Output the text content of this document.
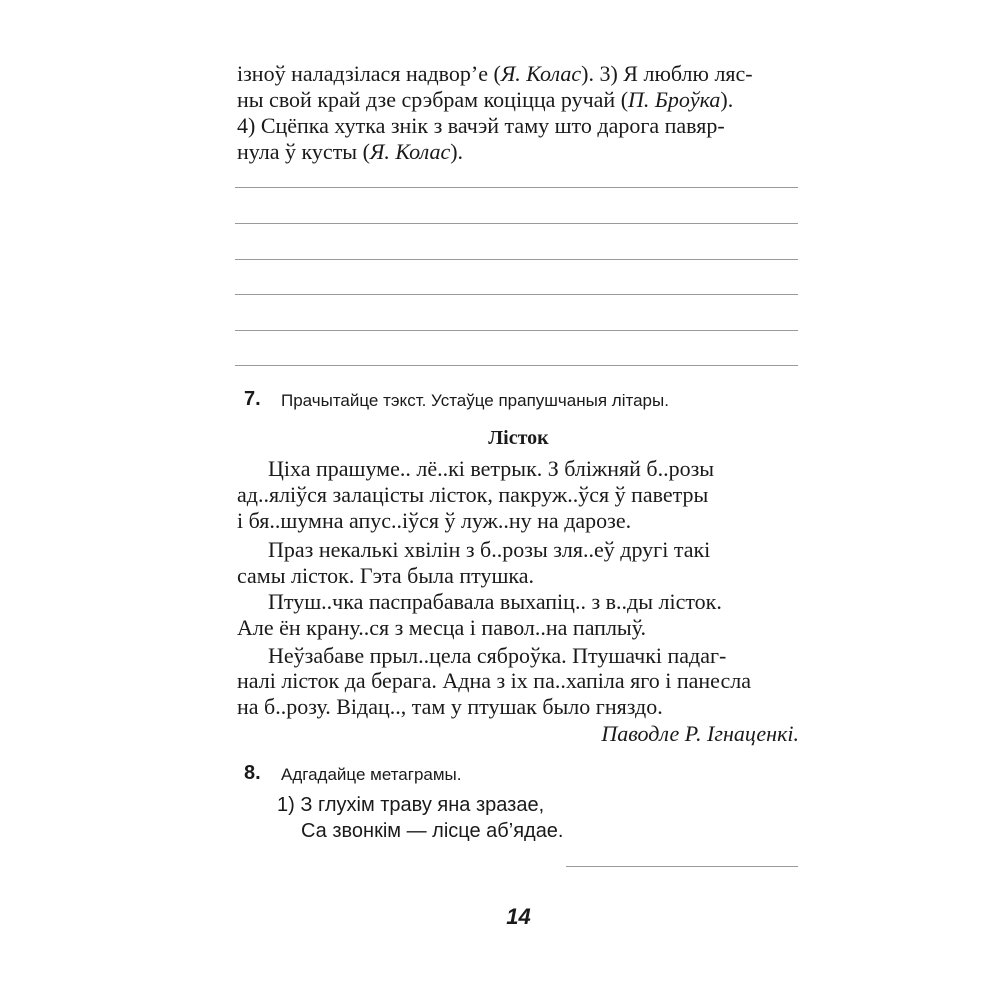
ізноў наладзілася надвор’е (Я. Колас). 3) Я люблю ляс-
ны свой край дзе срэбрам коціцца ручай (П. Броўка).
4) Сцёпка хутка знік з вачэй таму што дарога павяр-
нула ў кусты (Я. Колас).
7. Прачытайце тэкст. Устаўце прапушчаныя літары.
Лісток
Ціха прашуме.. лё..кі ветрык. З бліжняй б..розы
ад..яліўся залацісты лісток, пакруж..ўся ў паветры
і бя..шумна апус..іўся ў луж..ну на дарозе.
Праз некалькі хвілін з б..розы зля..еў другі такі
самы лісток. Гэта была птушка.
Птуш..чка паспрабавала выхапіц.. з в..ды лісток.
Але ён крану..ся з месца і павол..на паплыў.
Неўзабаве прыл..цела сяброўка. Птушачкі падаг-
налі лісток да берага. Адна з іх па..хапіла яго і панесла
на б..розу. Відац.., там у птушак было гняздо.
Паводле Р. Ігнаценкі.
8. Адгадайце метаграмы.
1) З глухім траву яна зразае,
Са звонкім — лісце аб’ядае.
14
